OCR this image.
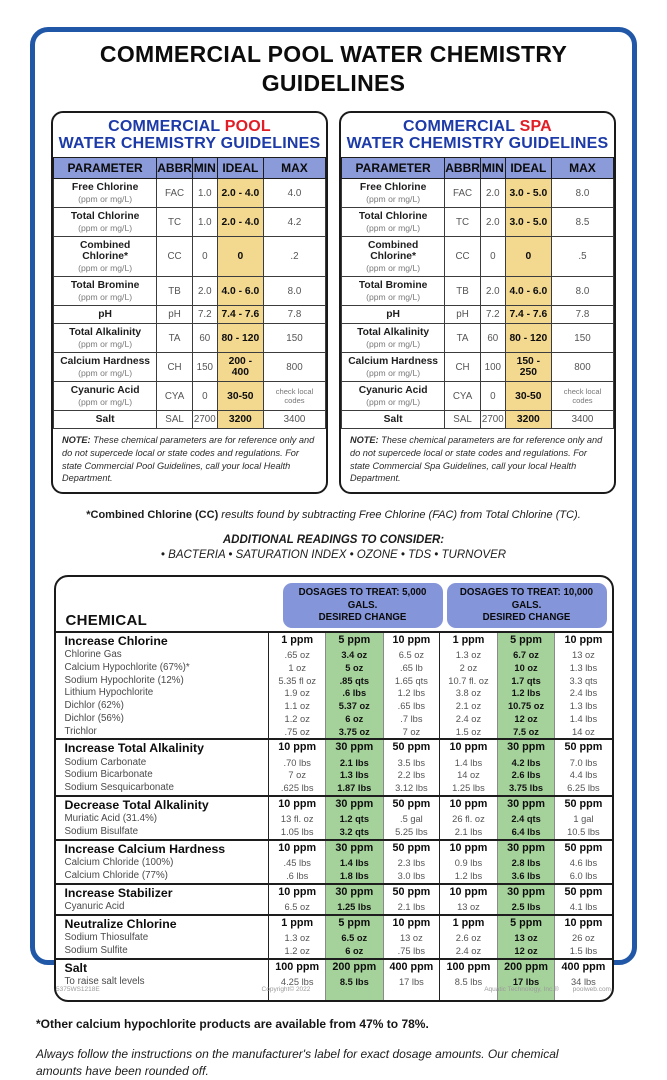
COMMERCIAL POOL WATER CHEMISTRY
GUIDELINES
COMMERCIAL POOL
WATER CHEMISTRY GUIDELINES
PARAMETER	ABBR	MIN	IDEAL	MAX

Free Chlorine
(ppm or mg/L)	FAC	1.0	2.0 - 4.0	4.0

Total Chlorine
(ppm or mg/L)	TC	1.0	2.0 - 4.0	4.2

Combined Chlorine*
(ppm or mg/L)	CC	0	0	.2

Total Bromine
(ppm or mg/L)	TB	2.0	4.0 - 6.0	8.0

pH	pH	7.2	7.4 - 7.6	7.8

Total Alkalinity
(ppm or mg/L)	TA	60	80 - 120	150

Calcium Hardness
(ppm or mg/L)	CH	150	200 - 400	800

Cyanuric Acid
(ppm or mg/L)	CYA	0	30-50	check local codes

Salt	SAL	2700	3200	3400
NOTE: These chemical parameters are for reference only and do not supercede local or state codes and regulations. For state Commercial Pool Guidelines, call your local Health Department.
COMMERCIAL SPA
WATER CHEMISTRY GUIDELINES
PARAMETER	ABBR	MIN	IDEAL	MAX

Free Chlorine
(ppm or mg/L)	FAC	2.0	3.0 - 5.0	8.0

Total Chlorine
(ppm or mg/L)	TC	2.0	3.0 - 5.0	8.5

Combined Chlorine*
(ppm or mg/L)	CC	0	0	.5

Total Bromine
(ppm or mg/L)	TB	2.0	4.0 - 6.0	8.0

pH	pH	7.2	7.4 - 7.6	7.8

Total Alkalinity
(ppm or mg/L)	TA	60	80 - 120	150

Calcium Hardness
(ppm or mg/L)	CH	100	150 - 250	800

Cyanuric Acid
(ppm or mg/L)	CYA	0	30-50	check local codes

Salt	SAL	2700	3200	3400
NOTE: These chemical parameters are for reference only and do not supercede local or state codes and regulations. For state Commercial Spa Guidelines, call your local Health Department.
*Combined Chlorine (CC) results found by subtracting Free Chlorine (FAC) from Total Chlorine (TC).
ADDITIONAL READINGS TO CONSIDER:
• BACTERIA • SATURATION INDEX • OZONE • TDS • TURNOVER
CHEMICAL
DOSAGES TO TREAT: 5,000 GALS.
DESIRED CHANGE
DOSAGES TO TREAT: 10,000 GALS.
DESIRED CHANGE
Increase Chlorine	1 ppm	5 ppm	10 ppm	1 ppm	5 ppm	10 ppm
Chlorine Gas	.65 oz	3.4 oz	6.5 oz	1.3 oz	6.7 oz	13 oz
Calcium Hypochlorite (67%)*	1 oz	5 oz	.65 lb	2 oz	10 oz	1.3 lbs
Sodium Hypochlorite (12%)	5.35 fl oz	.85 qts	1.65 qts	10.7 fl. oz	1.7 qts	3.3 qts
Lithium Hypochlorite	1.9 oz	.6 lbs	1.2 lbs	3.8 oz	1.2 lbs	2.4 lbs
Dichlor (62%)	1.1 oz	5.37 oz	.65 lbs	2.1 oz	10.75 oz	1.3 lbs
Dichlor (56%)	1.2 oz	6 oz	.7 lbs	2.4 oz	12 oz	1.4 lbs
Trichlor	.75 oz	3.75 oz	7 oz	1.5 oz	7.5 oz	14 oz
Increase Total Alkalinity	10 ppm	30 ppm	50 ppm	10 ppm	30 ppm	50 ppm
Sodium Carbonate	.70 lbs	2.1 lbs	3.5 lbs	1.4 lbs	4.2 lbs	7.0 lbs
Sodium Bicarbonate	7 oz	1.3 lbs	2.2 lbs	14 oz	2.6 lbs	4.4 lbs
Sodium Sesquicarbonate	.625 lbs	1.87 lbs	3.12 lbs	1.25 lbs	3.75 lbs	6.25 lbs
Decrease Total Alkalinity	10 ppm	30 ppm	50 ppm	10 ppm	30 ppm	50 ppm
Muriatic Acid (31.4%)	13 fl. oz	1.2 qts	.5 gal	26 fl. oz	2.4 qts	1 gal
Sodium Bisulfate	1.05 lbs	3.2 qts	5.25 lbs	2.1 lbs	6.4 lbs	10.5 lbs
Increase Calcium Hardness	10 ppm	30 ppm	50 ppm	10 ppm	30 ppm	50 ppm
Calcium Chloride (100%)	.45 lbs	1.4 lbs	2.3 lbs	0.9 lbs	2.8 lbs	4.6 lbs
Calcium Chloride (77%)	.6 lbs	1.8 lbs	3.0 lbs	1.2 lbs	3.6 lbs	6.0 lbs
Increase Stabilizer	10 ppm	30 ppm	50 ppm	10 ppm	30 ppm	50 ppm
Cyanuric Acid	6.5 oz	1.25 lbs	2.1 lbs	13 oz	2.5 lbs	4.1 lbs
Neutralize Chlorine	1 ppm	5 ppm	10 ppm	1 ppm	5 ppm	10 ppm
Sodium Thiosulfate	1.3 oz	6.5 oz	13 oz	2.6 oz	13 oz	26 oz
Sodium Sulfite	1.2 oz	6 oz	.75 lbs	2.4 oz	12 oz	1.5 lbs
Salt	100 ppm	200 ppm	400 ppm	100 ppm	200 ppm	400 ppm
To raise salt levels	4.25 lbs	8.5 lbs	17 lbs	8.5 lbs	17 lbs	34 lbs
*Other calcium hypochlorite products are available from 47% to 78%.
Always follow the instructions on the manufacturer's label for exact dosage amounts. Our chemical amounts have been rounded off.
5375WS1218E	Copyright© 2022	Aquatic Technology, Inc.® poolweb.com
